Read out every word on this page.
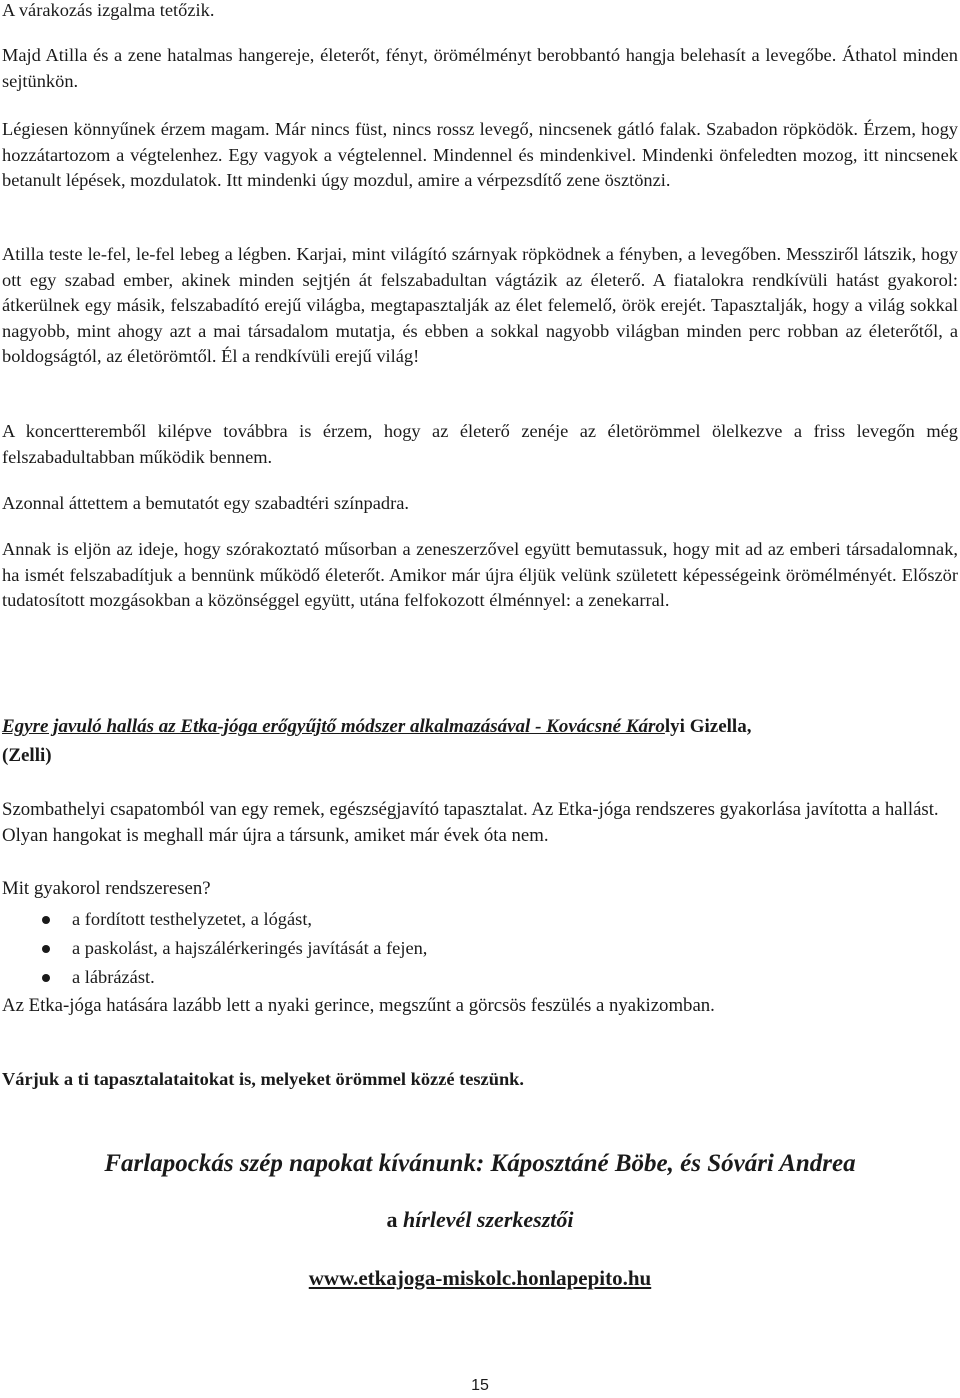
A várakozás izgalma tetőzik.

Majd Atilla és a zene hatalmas hangereje, életerőt, fényt, örömélményt berobbantó hangja belehasít a levegőbe. Áthatol minden sejtünkön.

Légiesen könnyűnek érzem magam. Már nincs füst, nincs rossz levegő, nincsenek gátló falak. Szabadon röpködök. Érzem, hogy hozzátartozom a végtelenhez. Egy vagyok a végtelennel. Mindennel és mindenkivel. Mindenki önfeledten mozog, itt nincsenek betanult lépések, mozdulatok. Itt mindenki úgy mozdul, amire a vérpezsdítő zene ösztönzi.

Atilla teste le-fel, le-fel lebeg a légben. Karjai, mint világító szárnyak röpködnek a fényben, a levegőben. Messziről látszik, hogy ott egy szabad ember, akinek minden sejtjén át felszabadultan vágtázik az életerő. A fiatalokra rendkívüli hatást gyakorol: átkerülnek egy másik, felszabadító erejű világba, megtapasztalják az élet felemelő, örök erejét. Tapasztalják, hogy a világ sokkal nagyobb, mint ahogy azt a mai társadalom mutatja, és ebben a sokkal nagyobb világban minden perc robban az életerőtől, a boldogságtól, az életörömtől. Él a rendkívüli erejű világ!

A koncertteremből kilépve továbbra is érzem, hogy az életerő zenéje az életörömmel ölelkezve a friss levegőn még felszabadultabban működik bennem.

Azonnal áttettem a bemutatót egy szabadtéri színpadra.

Annak is eljön az ideje, hogy szórakoztató műsorban a zeneszerzővel együtt bemutassuk, hogy mit ad az emberi társadalomnak, ha ismét felszabadítjuk a bennünk működő életerőt. Amikor már újra éljük velünk született képességeink örömélményét. Először tudatosított mozgásokban a közönséggel együtt, utána felfokozott élménnyel: a zenekarral.

Egyre javuló hallás az Etka-jóga erőgyűjtő módszer alkalmazásával - Kovácsné Károlyi Gizella,

(Zelli)

Szombathelyi csapatomból van egy remek, egészségjavító tapasztalat. Az Etka-jóga rendszeres gyakorlása javította a hallást. Olyan hangokat is meghall már újra a társunk, amiket már évek óta nem.

Mit gyakorol rendszeresen?

a fordított testhelyzetet, a lógást,
a paskolást, a hajszálérkeringés javítását a fejen,
a lábrázást.

Az Etka-jóga hatására lazább lett a nyaki gerince, megszűnt a görcsös feszülés a nyakizomban.

Várjuk a ti tapasztalataitokat is, melyeket örömmel közzé teszünk.

Farlapockás szép napokat kívánunk: Káposztáné Böbe, és Sóvári Andrea

a hírlevél szerkesztői

www.etkajoga-miskolc.honlapepito.hu

15
